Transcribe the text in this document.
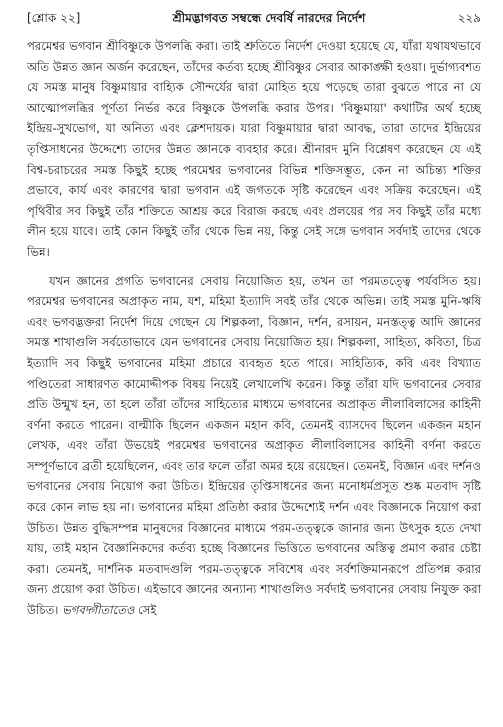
[শ্লোক ২২]	শ্রীমদ্ভাগবত সম্বন্ধে দেবর্ষি নারদের নির্দেশ	২২৯

পরমেশ্বর ভগবান শ্রীবিষ্ণুকে উপলব্ধি করা। তাই শ্রুতিতে নির্দেশ দেওয়া হয়েছে যে, যাঁরা যথাযথভাবে অতি উন্নত জ্ঞান অর্জন করেছেন, তাঁদের কর্তব্য হচ্ছে শ্রীবিষ্ণুর সেবার আকাঙ্ক্ষী হওয়া। দুর্ভাগ্যবশত যে সমস্ত মানুষ বিষ্ণুমায়ার বাহ্যিক সৌন্দর্যের দ্বারা মোহিত হয়ে পড়েছে তারা বুঝতে পারে না যে আত্মোপলব্ধির পূর্ণতা নির্ভর করে বিষ্ণুকে উপলব্ধি করার উপর। 'বিষ্ণুমায়া' কথাটির অর্থ হচ্ছে ইন্দ্রিয়-সুখভোগ, যা অনিত্য এবং ক্লেশদায়ক। যারা বিষ্ণুমায়ার দ্বারা আবদ্ধ, তারা তাদের ইন্দ্রিয়ের তৃপ্তিসাধনের উদ্দেশ্যে তাদের উন্নত জ্ঞানকে ব্যবহার করে। শ্রীনারদ মুনি বিশ্লেষণ করেছেন যে এই বিশ্ব-চরাচরের সমস্ত কিছুই হচ্ছে পরমেশ্বর ভগবানের বিভিন্ন শক্তিসম্ভূত, কেন না অচিন্ত্য শক্তির প্রভাবে, কার্য এবং কারণের দ্বারা ভগবান এই জগতকে সৃষ্টি করেছেন এবং সক্রিয় করেছেন। এই পৃথিবীর সব কিছুই তাঁর শক্তিতে আশ্রয় করে বিরাজ করছে এবং প্রলয়ের পর সব কিছুই তাঁর মধ্যে লীন হয়ে যাবে। তাই কোন কিছুই তাঁর থেকে ভিন্ন নয়, কিন্তু সেই সঙ্গে ভগবান সর্বদাই তাদের থেকে ভিন্ন।

যখন জ্ঞানের প্রগতি ভগবানের সেবায় নিয়োজিত হয়, তখন তা পরমতত্ত্বে পর্যবসিত হয়। পরমেশ্বর ভগবানের অপ্রাকৃত নাম, যশ, মহিমা ইত্যাদি সবই তাঁর থেকে অভিন্ন। তাই সমস্ত মুনি-ঋষি এবং ভগবদ্ভক্তরা নির্দেশ দিয়ে গেছেন যে শিল্পকলা, বিজ্ঞান, দর্শন, রসায়ন, মনস্তত্ত্ব আদি জ্ঞানের সমস্ত শাখাগুলি সর্বতোভাবে যেন ভগবানের সেবায় নিয়োজিত হয়। শিল্পকলা, সাহিত্য, কবিতা, চিত্র ইত্যাদি সব কিছুই ভগবানের মহিমা প্রচারে ব্যবহৃত হতে পারে। সাহিত্যিক, কবি এবং বিখ্যাত পণ্ডিতেরা সাধারণত কামোদ্দীপক বিষয় নিয়েই লেখালেখি করেন। কিন্তু তাঁরা যদি ভগবানের সেবার প্রতি উন্মুখ হন, তা হলে তাঁরা তাঁদের সাহিত্যের মাধ্যমে ভগবানের অপ্রাকৃত লীলাবিলাসের কাহিনী বর্ণনা করতে পারেন। বাল্মীকি ছিলেন একজন মহান কবি, তেমনই ব্যাসদেব ছিলেন একজন মহান লেখক, এবং তাঁরা উভয়েই পরমেশ্বর ভগবানের অপ্রাকৃত লীলাবিলাসের কাহিনী বর্ণনা করতে সম্পূর্ণভাবে ব্রতী হয়েছিলেন, এবং তার ফলে তাঁরা অমর হয়ে রয়েছেন। তেমনই, বিজ্ঞান এবং দর্শনও ভগবানের সেবায় নিয়োগ করা উচিত। ইন্দ্রিয়ের তৃপ্তিসাধনের জন্য মনোধর্মপ্রসূত শুষ্ক মতবাদ সৃষ্টি করে কোন লাভ হয় না। ভগবানের মহিমা প্রতিষ্ঠা করার উদ্দেশ্যেই দর্শন এবং বিজ্ঞানকে নিয়োগ করা উচিত। উন্নত বুদ্ধিসম্পন্ন মানুষদের বিজ্ঞানের মাধ্যমে পরম-তত্ত্বকে জানার জন্য উৎসুক হতে দেখা যায়, তাই মহান বৈজ্ঞানিকদের কর্তব্য হচ্ছে বিজ্ঞানের ভিত্তিতে ভগবানের অস্তিত্ব প্রমাণ করার চেষ্টা করা। তেমনই, দার্শনিক মতবাদগুলি পরম-তত্ত্বকে সবিশেষ এবং সর্বশক্তিমানরূপে প্রতিপন্ন করার জন্য প্রয়োগ করা উচিত। এইভাবে জ্ঞানের অন্যান্য শাখাগুলিও সর্বদাই ভগবানের সেবায় নিযুক্ত করা উচিত। ভগবদ্গীতাতেও সেই
